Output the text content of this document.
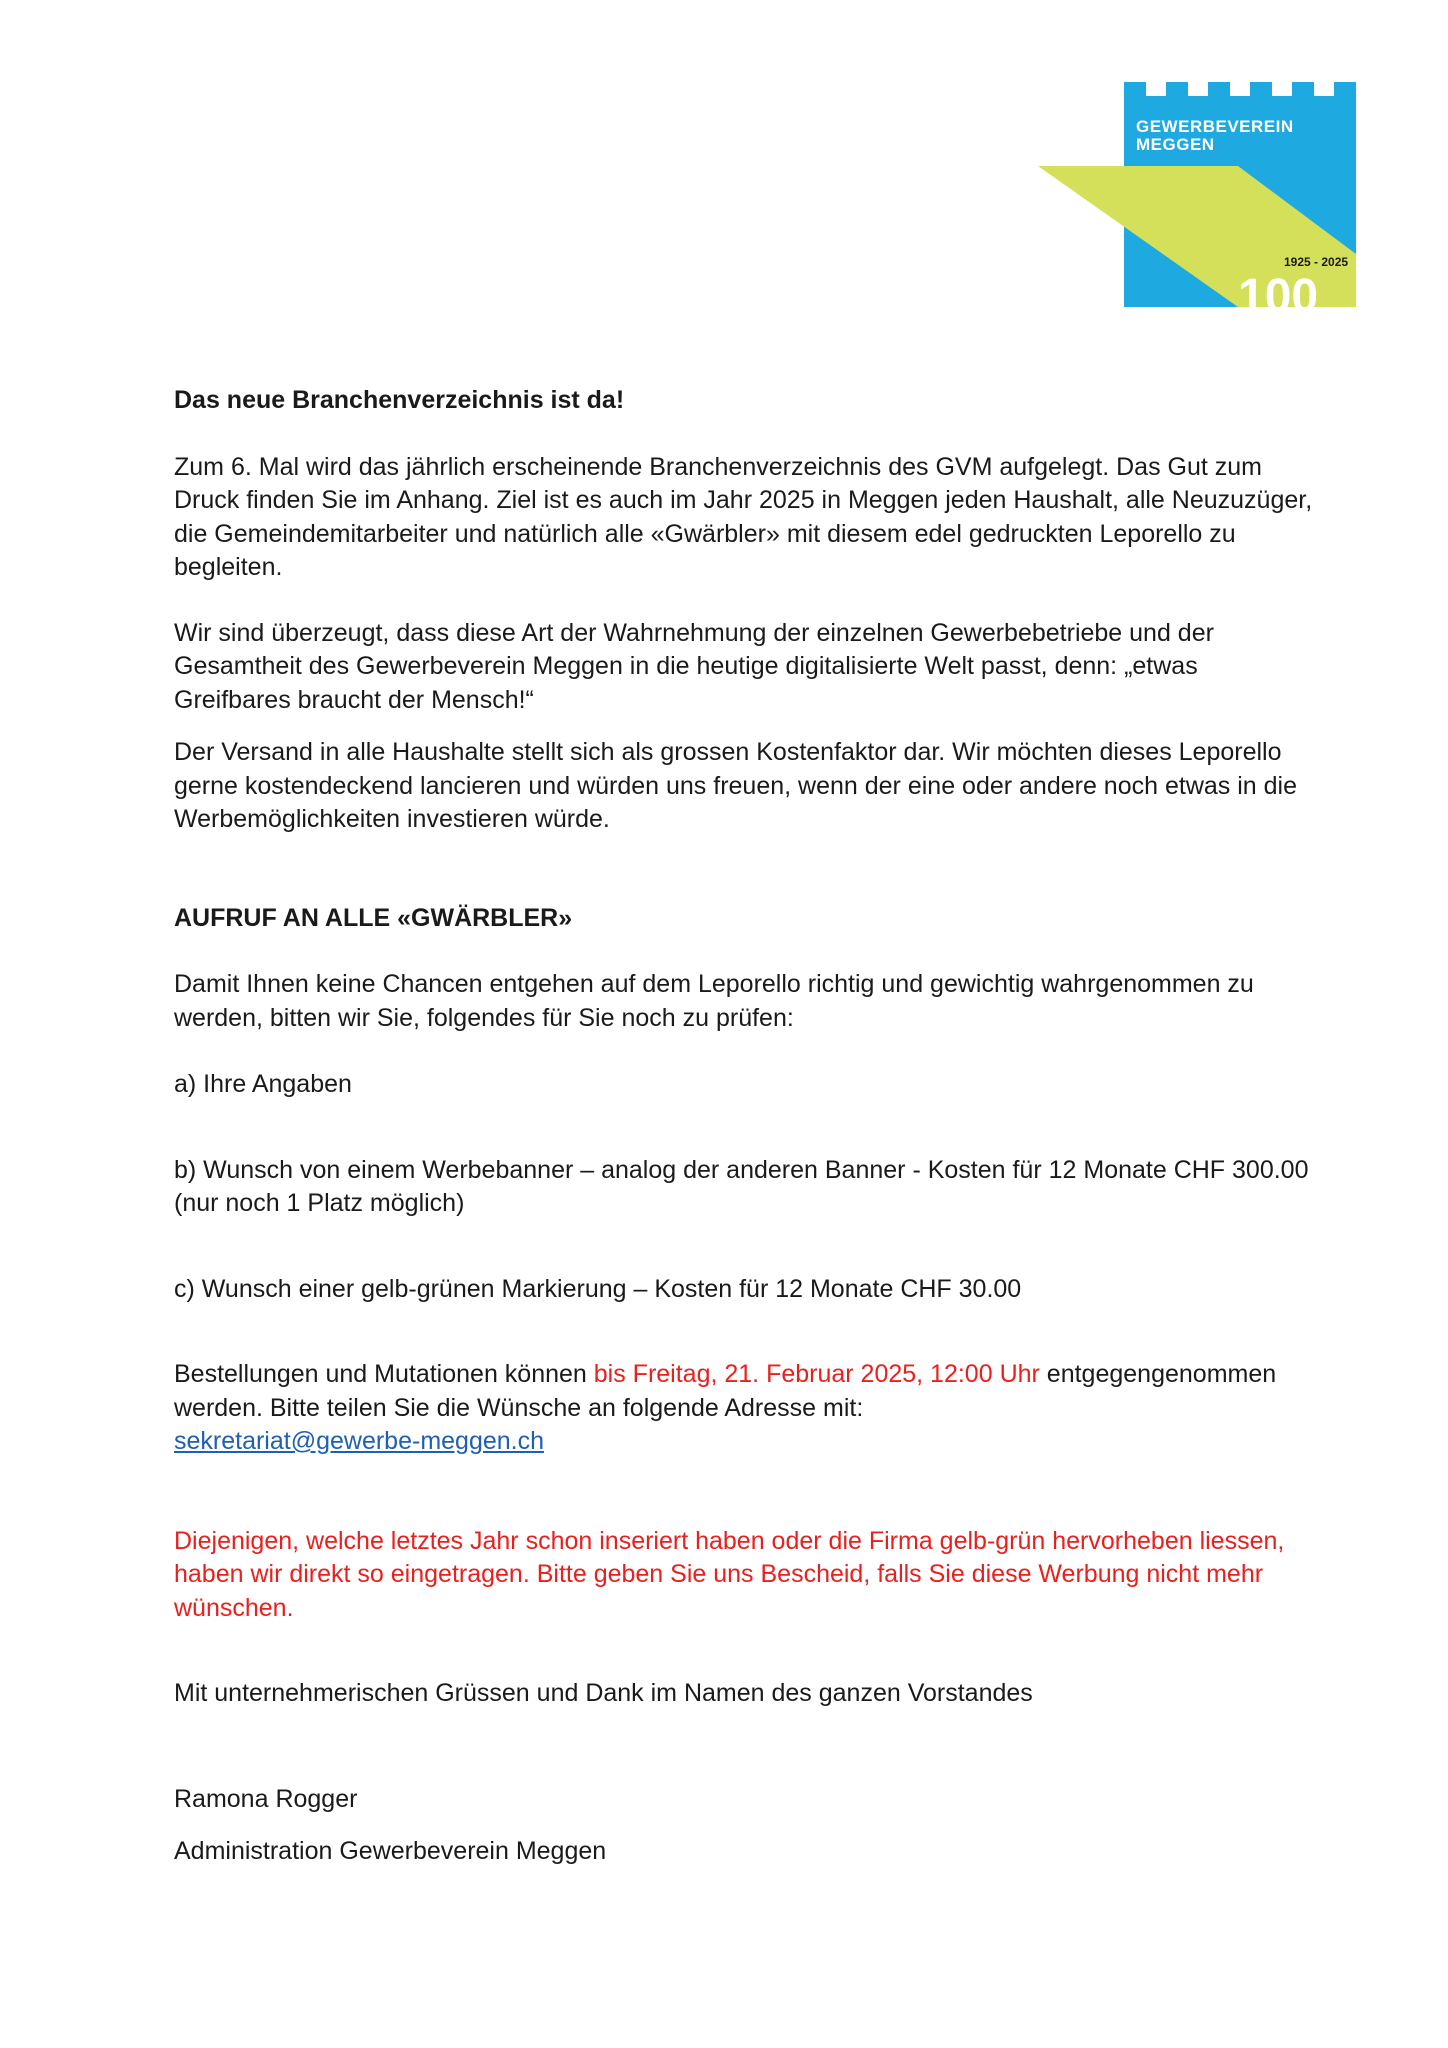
GEWERBEVEREIN
MEGGEN
1925 - 2025
100

Das neue Branchenverzeichnis ist da!

Zum 6. Mal wird das jährlich erscheinende Branchenverzeichnis des GVM aufgelegt. Das Gut zum Druck finden Sie im Anhang. Ziel ist es auch im Jahr 2025 in Meggen jeden Haushalt, alle Neuzuzüger, die Gemeindemitarbeiter und natürlich alle «Gwärbler» mit diesem edel gedruckten Leporello zu begleiten.

Wir sind überzeugt, dass diese Art der Wahrnehmung der einzelnen Gewerbebetriebe und der Gesamtheit des Gewerbeverein Meggen in die heutige digitalisierte Welt passt, denn: „etwas Greifbares braucht der Mensch!“

Der Versand in alle Haushalte stellt sich als grossen Kostenfaktor dar. Wir möchten dieses Leporello gerne kostendeckend lancieren und würden uns freuen, wenn der eine oder andere noch etwas in die Werbemöglichkeiten investieren würde.

AUFRUF AN ALLE «GWÄRBLER»

Damit Ihnen keine Chancen entgehen auf dem Leporello richtig und gewichtig wahrgenommen zu werden, bitten wir Sie, folgendes für Sie noch zu prüfen:

a) Ihre Angaben

b) Wunsch von einem Werbebanner – analog der anderen Banner - Kosten für 12 Monate CHF 300.00 (nur noch 1 Platz möglich)

c) Wunsch einer gelb-grünen Markierung – Kosten für 12 Monate CHF 30.00

Bestellungen und Mutationen können bis Freitag, 21. Februar 2025, 12:00 Uhr entgegengenommen werden. Bitte teilen Sie die Wünsche an folgende Adresse mit:
sekretariat@gewerbe-meggen.ch

Diejenigen, welche letztes Jahr schon inseriert haben oder die Firma gelb-grün hervorheben liessen, haben wir direkt so eingetragen. Bitte geben Sie uns Bescheid, falls Sie diese Werbung nicht mehr wünschen.

Mit unternehmerischen Grüssen und Dank im Namen des ganzen Vorstandes

Ramona Rogger

Administration Gewerbeverein Meggen
